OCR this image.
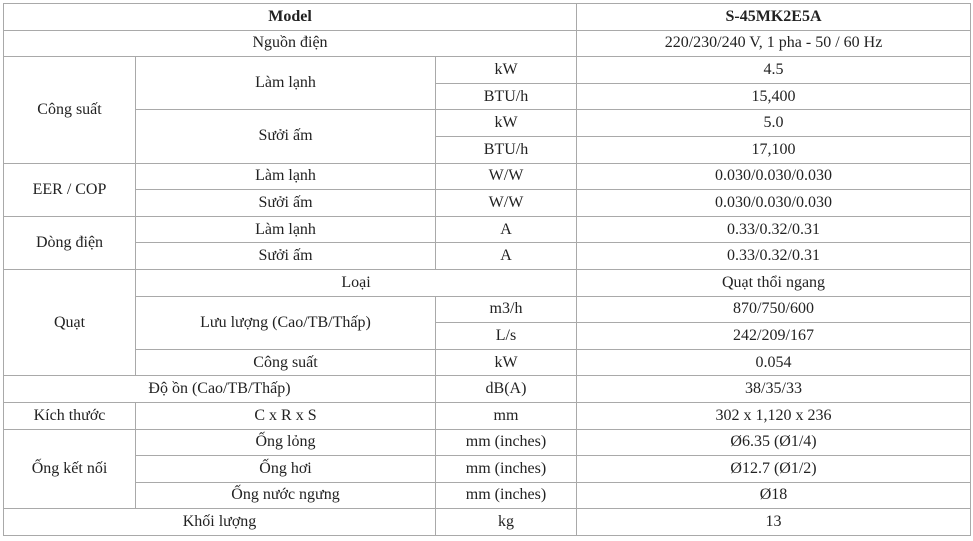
Model			S-45MK2E5A
Nguồn điện			220/230/240 V, 1 pha - 50 / 60 Hz
Công suất	Làm lạnh	kW	4.5
		BTU/h	15,400
	Sưởi ấm	kW	5.0
		BTU/h	17,100
EER / COP	Làm lạnh	W/W	0.030/0.030/0.030
	Sưởi ấm	W/W	0.030/0.030/0.030
Dòng điện	Làm lạnh	A	0.33/0.32/0.31
	Sưởi ấm	A	0.33/0.32/0.31
Quạt	Loại		Quạt thổi ngang
	Lưu lượng (Cao/TB/Thấp)	m3/h	870/750/600
		L/s	242/209/167
	Công suất	kW	0.054
Độ ồn (Cao/TB/Thấp)		dB(A)	38/35/33
Kích thước	C x R x S	mm	302 x 1,120 x 236
Ống kết nối	Ống lỏng	mm (inches)	Ø6.35 (Ø1/4)
	Ống hơi	mm (inches)	Ø12.7 (Ø1/2)
	Ống nước ngưng	mm (inches)	Ø18
Khối lượng		kg	13
